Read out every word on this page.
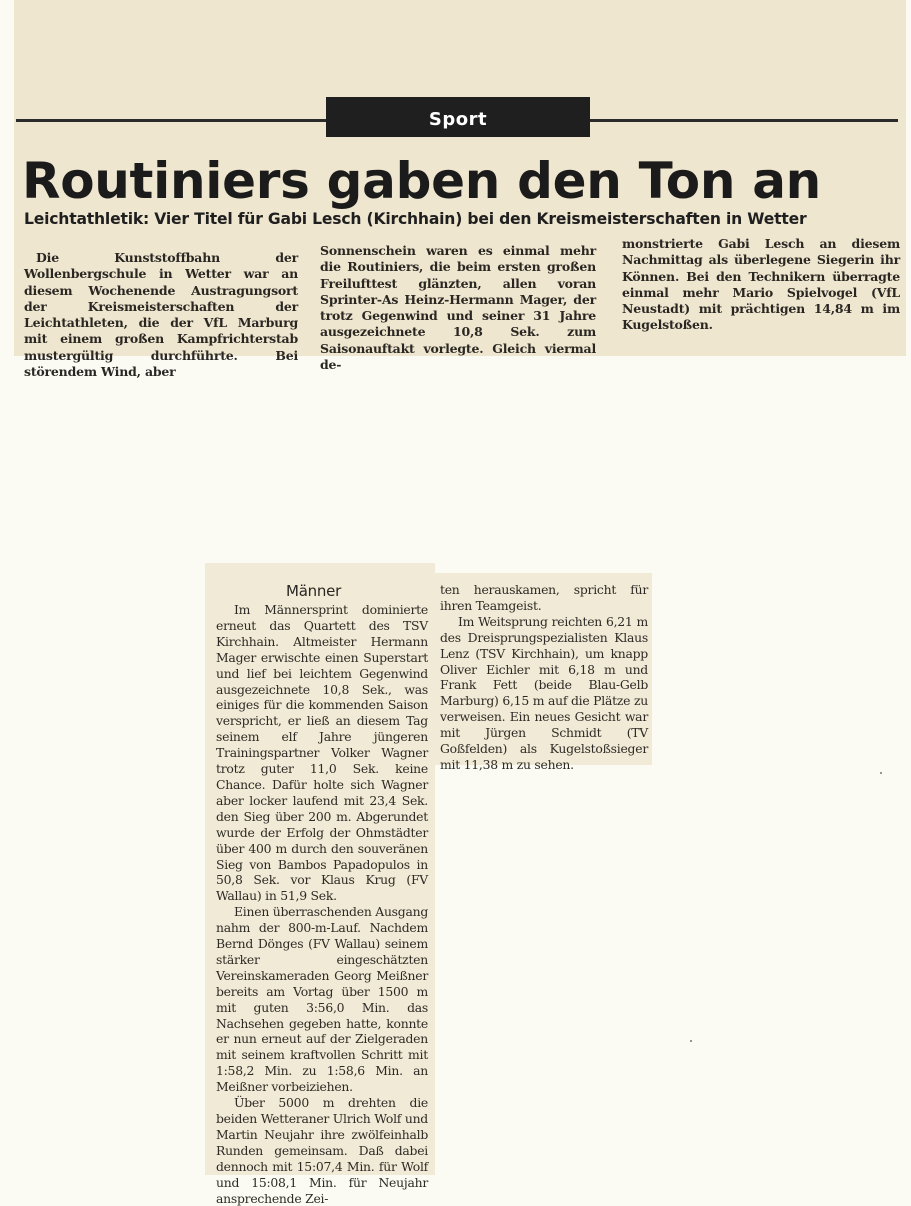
Sport
Routiniers gaben den Ton an
Leichtathletik: Vier Titel für Gabi Lesch (Kirchhain) bei den Kreismeisterschaften in Wetter

Die Kunststoffbahn der Wollenbergschule in Wetter war an diesem Wochenende Austragungsort der Kreismeisterschaften der Leichtathleten, die der VfL Marburg mit einem großen Kampfrichterstab mustergültig durchführte. Bei störendem Wind, aber

Sonnenschein waren es einmal mehr die Routiniers, die beim ersten großen Freilufttest glänzten, allen voran Sprinter-As Heinz-Hermann Mager, der trotz Gegenwind und seiner 31 Jahre ausgezeichnete 10,8 Sek. zum Saisonauftakt vorlegte. Gleich viermal de-

monstrierte Gabi Lesch an diesem Nachmittag als überlegene Siegerin ihr Können. Bei den Technikern überragte einmal mehr Mario Spielvogel (VfL Neustadt) mit prächtigen 14,84 m im Kugelstoßen.

Männer

Im Männersprint dominierte erneut das Quartett des TSV Kirchhain. Altmeister Hermann Mager erwischte einen Superstart und lief bei leichtem Gegenwind ausgezeichnete 10,8 Sek., was einiges für die kommenden Saison verspricht, er ließ an diesem Tag seinem elf Jahre jüngeren Trainingspartner Volker Wagner trotz guter 11,0 Sek. keine Chance. Dafür holte sich Wagner aber locker laufend mit 23,4 Sek. den Sieg über 200 m. Abgerundet wurde der Erfolg der Ohmstädter über 400 m durch den souveränen Sieg von Bambos Papadopulos in 50,8 Sek. vor Klaus Krug (FV Wallau) in 51,9 Sek.

Einen überraschenden Ausgang nahm der 800-m-Lauf. Nachdem Bernd Dönges (FV Wallau) seinem stärker eingeschätzten Vereinskameraden Georg Meißner bereits am Vortag über 1500 m mit guten 3:56,0 Min. das Nachsehen gegeben hatte, konnte er nun erneut auf der Zielgeraden mit seinem kraftvollen Schritt mit 1:58,2 Min. zu 1:58,6 Min. an Meißner vorbeiziehen.

Über 5000 m drehten die beiden Wetteraner Ulrich Wolf und Martin Neujahr ihre zwölfeinhalb Runden gemeinsam. Daß dabei dennoch mit 15:07,4 Min. für Wolf und 15:08,1 Min. für Neujahr ansprechende Zei-

ten herauskamen, spricht für ihren Teamgeist.

Im Weitsprung reichten 6,21 m des Dreisprungspezialisten Klaus Lenz (TSV Kirchhain), um knapp Oliver Eichler mit 6,18 m und Frank Fett (beide Blau-Gelb Marburg) 6,15 m auf die Plätze zu verweisen. Ein neues Gesicht war mit Jürgen Schmidt (TV Goßfelden) als Kugelstoßsieger mit 11,38 m zu sehen.
